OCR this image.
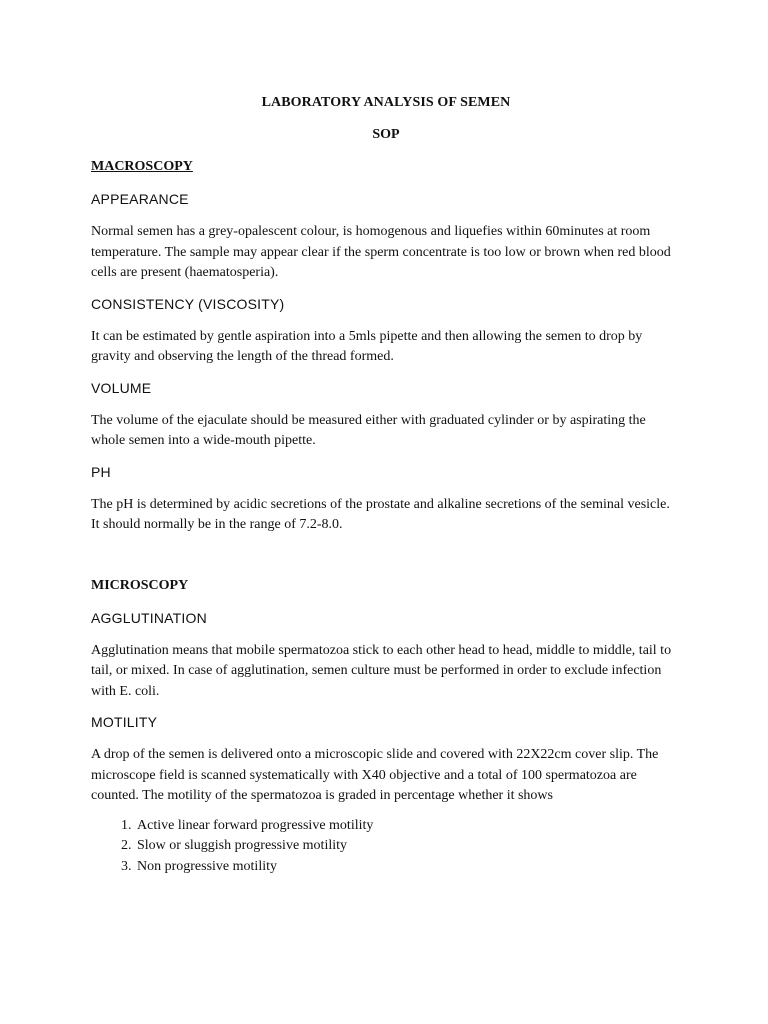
LABORATORY ANALYSIS OF SEMEN
SOP
MACROSCOPY
APPEARANCE

Normal semen has a grey-opalescent colour, is homogenous and liquefies within 60minutes at room temperature. The sample may appear clear if the sperm concentrate is too low or brown when red blood cells are present (haematosperia).

CONSISTENCY (VISCOSITY)

It can be estimated by gentle aspiration into a 5mls pipette and then allowing the semen to drop by gravity and observing the length of the thread formed.

VOLUME

The volume of the ejaculate should be measured either with graduated cylinder or by aspirating the whole semen into a wide-mouth pipette.

PH

The pH is determined by acidic secretions of the prostate and alkaline secretions of the seminal vesicle. It should normally be in the range of 7.2-8.0.

MICROSCOPY
AGGLUTINATION

Agglutination means that mobile spermatozoa stick to each other head to head, middle to middle, tail to tail, or mixed. In case of agglutination, semen culture must be performed in order to exclude infection with E. coli.

MOTILITY

A drop of the semen is delivered onto a microscopic slide and covered with 22X22cm cover slip. The microscope field is scanned systematically with X40 objective and a total of 100 spermatozoa are counted. The motility of the spermatozoa is graded in percentage whether it shows

1. Active linear forward progressive motility
2. Slow or sluggish progressive motility
3. Non progressive motility
